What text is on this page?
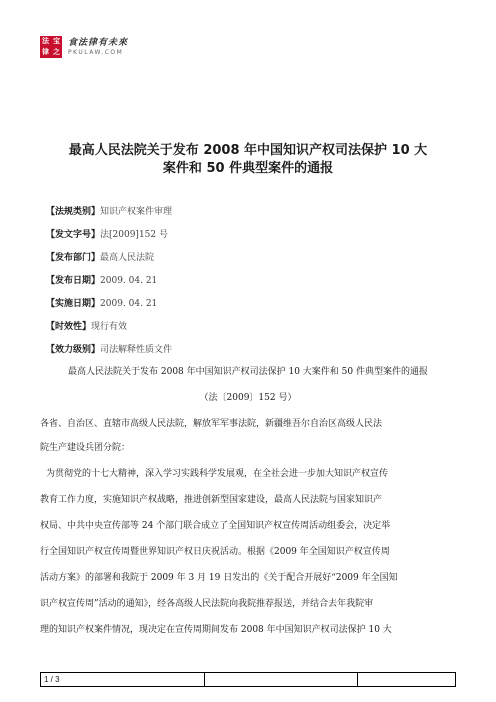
法 宝
律 之
食法律有未來
PKULAW.COM
最高人民法院关于发布 2008 年中国知识产权司法保护 10 大
案件和 50 件典型案件的通报
【法规类别】知识产权案件审理
【发文字号】法[2009]152 号
【发布部门】最高人民法院
【发布日期】2009. 04. 21
【实施日期】2009. 04. 21
【时效性】现行有效
【效力级别】司法解释性质文件
最高人民法院关于发布 2008 年中国知识产权司法保护 10 大案件和 50 件典型案件的通报
（法〔2009〕152 号）
各省、自治区、直辖市高级人民法院，解放军军事法院，新疆维吾尔自治区高级人民法
院生产建设兵团分院：
为贯彻党的十七大精神，深入学习实践科学发展观，在全社会进一步加大知识产权宣传
教育工作力度，实施知识产权战略，推进创新型国家建设，最高人民法院与国家知识产
权局、中共中央宣传部等 24 个部门联合成立了全国知识产权宣传周活动组委会，决定举
行全国知识产权宣传周暨世界知识产权日庆祝活动。根据《2009 年全国知识产权宣传周
活动方案》的部署和我院于 2009 年 3 月 19 日发出的《关于配合开展好“2009 年全国知
识产权宣传周”活动的通知》，经各高级人民法院向我院推荐报送，并结合去年我院审
理的知识产权案件情况，现决定在宣传周期间发布 2008 年中国知识产权司法保护 10 大
1 / 3
